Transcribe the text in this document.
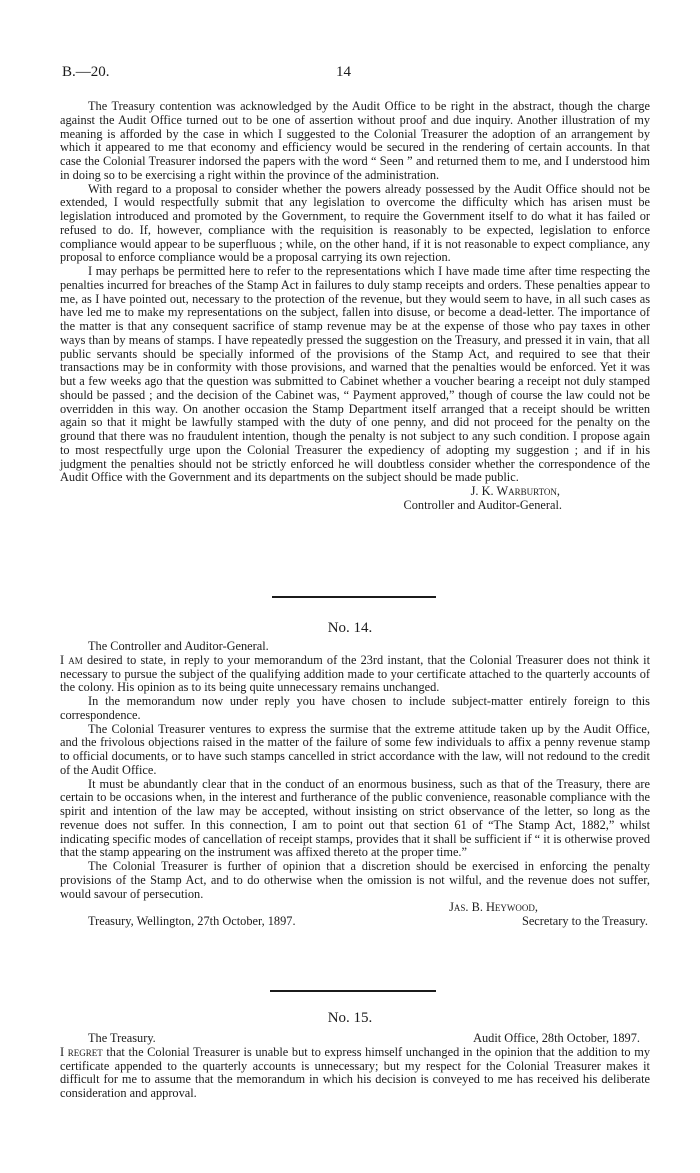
B.—20.	14

The Treasury contention was acknowledged by the Audit Office to be right in the abstract, though the charge against the Audit Office turned out to be one of assertion without proof and due inquiry. Another illustration of my meaning is afforded by the case in which I suggested to the Colonial Treasurer the adoption of an arrangement by which it appeared to me that economy and efficiency would be secured in the rendering of certain accounts. In that case the Colonial Treasurer indorsed the papers with the word “ Seen ” and returned them to me, and I understood him in doing so to be exercising a right within the province of the administration.

With regard to a proposal to consider whether the powers already possessed by the Audit Office should not be extended, I would respectfully submit that any legislation to overcome the difficulty which has arisen must be legislation introduced and promoted by the Government, to require the Government itself to do what it has failed or refused to do. If, however, compliance with the requisition is reasonably to be expected, legislation to enforce compliance would appear to be superfluous ; while, on the other hand, if it is not reasonable to expect compliance, any proposal to enforce compliance would be a proposal carrying its own rejection.

I may perhaps be permitted here to refer to the representations which I have made time after time respecting the penalties incurred for breaches of the Stamp Act in failures to duly stamp receipts and orders. These penalties appear to me, as I have pointed out, necessary to the protection of the revenue, but they would seem to have, in all such cases as have led me to make my representations on the subject, fallen into disuse, or become a dead-letter. The importance of the matter is that any consequent sacrifice of stamp revenue may be at the expense of those who pay taxes in other ways than by means of stamps. I have repeatedly pressed the suggestion on the Treasury, and pressed it in vain, that all public servants should be specially informed of the provisions of the Stamp Act, and required to see that their transactions may be in conformity with those provisions, and warned that the penalties would be enforced. Yet it was but a few weeks ago that the question was submitted to Cabinet whether a voucher bearing a receipt not duly stamped should be passed ; and the decision of the Cabinet was, “ Payment approved,” though of course the law could not be overridden in this way. On another occasion the Stamp Department itself arranged that a receipt should be written again so that it might be lawfully stamped with the duty of one penny, and did not proceed for the penalty on the ground that there was no fraudulent intention, though the penalty is not subject to any such condition. I propose again to most respectfully urge upon the Colonial Treasurer the expediency of adopting my suggestion ; and if in his judgment the penalties should not be strictly enforced he will doubtless consider whether the correspondence of the Audit Office with the Government and its departments on the subject should be made public.

J. K. Warburton,
Controller and Auditor-General.
No. 14.

The Controller and Auditor-General.

I am desired to state, in reply to your memorandum of the 23rd instant, that the Colonial Treasurer does not think it necessary to pursue the subject of the qualifying addition made to your certificate attached to the quarterly accounts of the colony. His opinion as to its being quite unnecessary remains unchanged.

In the memorandum now under reply you have chosen to include subject-matter entirely foreign to this correspondence.

The Colonial Treasurer ventures to express the surmise that the extreme attitude taken up by the Audit Office, and the frivolous objections raised in the matter of the failure of some few individuals to affix a penny revenue stamp to official documents, or to have such stamps cancelled in strict accordance with the law, will not redound to the credit of the Audit Office.

It must be abundantly clear that in the conduct of an enormous business, such as that of the Treasury, there are certain to be occasions when, in the interest and furtherance of the public convenience, reasonable compliance with the spirit and intention of the law may be accepted, without insisting on strict observance of the letter, so long as the revenue does not suffer. In this connection, I am to point out that section 61 of “The Stamp Act, 1882,” whilst indicating specific modes of cancellation of receipt stamps, provides that it shall be sufficient if “ it is otherwise proved that the stamp appearing on the instrument was affixed thereto at the proper time.”

The Colonial Treasurer is further of opinion that a discretion should be exercised in enforcing the penalty provisions of the Stamp Act, and to do otherwise when the omission is not wilful, and the revenue does not suffer, would savour of persecution.

Jas. B. Heywood,
Treasury, Wellington, 27th October, 1897.	Secretary to the Treasury.
No. 15.
The Treasury.	Audit Office, 28th October, 1897.

I regret that the Colonial Treasurer is unable but to express himself unchanged in the opinion that the addition to my certificate appended to the quarterly accounts is unnecessary; but my respect for the Colonial Treasurer makes it difficult for me to assume that the memorandum in which his decision is conveyed to me has received his deliberate consideration and approval.
